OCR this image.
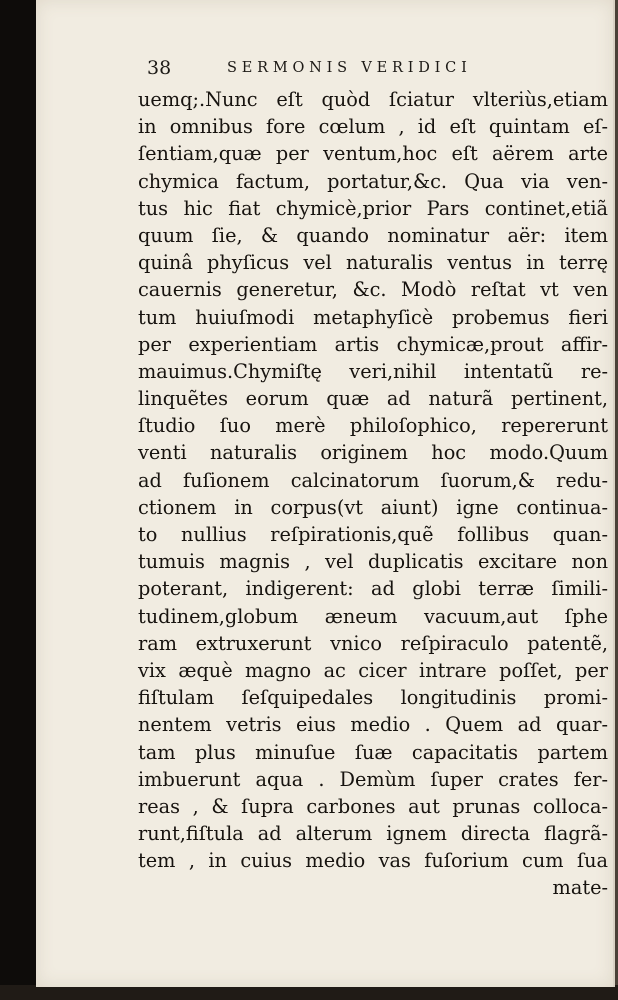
38	SERMONIS VERIDICI
uemq;.Nunc eſt quòd ſciatur vlteriùs,etiam
in omnibus fore cœlum , id eſt quintam eſ-
ſentiam,quæ per ventum,hoc eſt aërem arte
chymica factum, portatur,&c. Qua via ven-
tus hic fiat chymicè,prior Pars continet,etiã
quum ſie, & quando nominatur aër: item
quinâ phyſicus vel naturalis ventus in terrę
cauernis generetur, &c. Modò reſtat vt ven
tum huiuſmodi metaphyſicè probemus fieri
per experientiam artis chymicæ,prout affir-
mauimus.Chymiſtę veri,nihil intentatũ re-
linquẽtes eorum quæ ad naturã pertinent,
ſtudio ſuo merè philoſophico, repererunt
venti naturalis originem hoc modo.Quum
ad fuſionem calcinatorum ſuorum,& redu-
ctionem in corpus(vt aiunt) igne continua-
to nullius reſpirationis,quẽ follibus quan-
tumuis magnis , vel duplicatis excitare non
poterant, indigerent: ad globi terræ ſimili-
tudinem,globum æneum vacuum,aut ſphe
ram extruxerunt vnico reſpiraculo patentẽ,
vix æquè magno ac cicer intrare poſſet, per
fiſtulam ſeſquipedales longitudinis promi-
nentem vetris eius medio . Quem ad quar-
tam plus minuſue ſuæ capacitatis partem
imbuerunt aqua . Demùm ſuper crates fer-
reas , & ſupra carbones aut prunas colloca-
runt,fiſtula ad alterum ignem directa flagrã-
tem , in cuius medio vas fuſorium cum ſua
mate-
